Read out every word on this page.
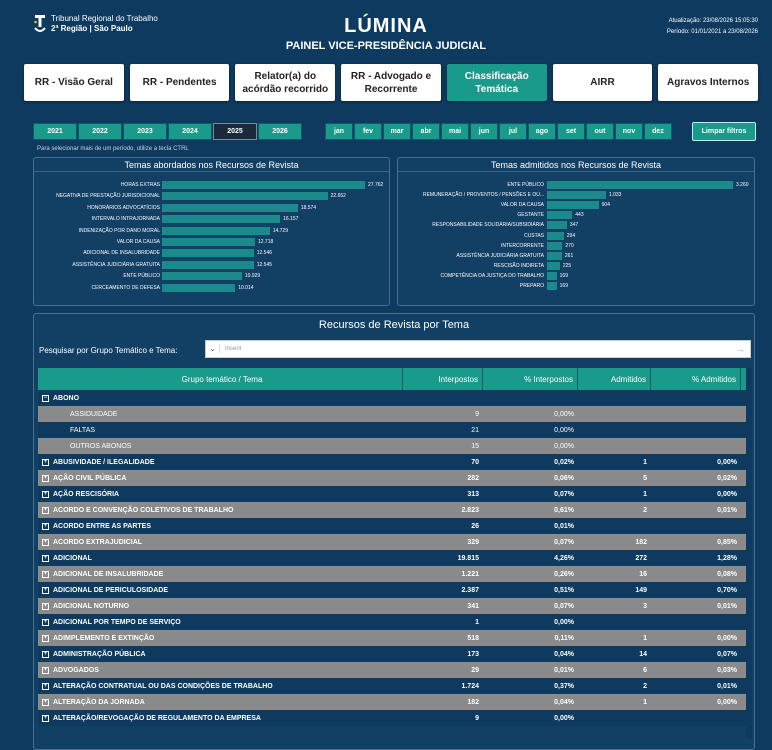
Tribunal Regional do Trabalho
2ª Região | São Paulo	LÚMINA
PAINEL VICE-PRESIDÊNCIA JUDICIAL
Atualização: 23/08/2026 15:05:30
Período: 01/01/2021 a 23/08/2026
RR - Visão Geral	RR - Pendentes
Relator(a) do acórdão recorrido
RR - Advogado e Recorrente
Classificação Temática
AIRR	Agravos Internos
2021	2022	2023	2024	2025	2026	jan	fev	mar	abr	mai	jun	jul	ago	set	out	nov	dez	Limpar filtros
Para selecionar mais de um período, utilize a tecla CTRL
Temas abordados nos Recursos de Revista
HORAS EXTRAS	27.762
NEGATIVA DE PRESTAÇÃO JURISDICIONAL	22.652
HONORÁRIOS ADVOCATÍCIOS	18.574
INTERVALO INTRAJORNADA	16.157
INDENIZAÇÃO POR DANO MORAL	14.729
VALOR DA CAUSA	12.718
ADICIONAL DE INSALUBRIDADE	12.546
ASSISTÊNCIA JUDICIÁRIA GRATUITA	12.545
ENTE PÚBLICO	10.929
CERCEAMENTO DE DEFESA	10.014
Temas admitidos nos Recursos de Revista
ENTE PÚBLICO	3.260
REMUNERAÇÃO / PROVENTOS / PENSÕES E OU...	1.033
VALOR DA CAUSA	904
GESTANTE	443
RESPONSABILIDADE SOLIDÁRIA/SUBSIDIÁRIA	347
CUSTAS	294
INTERCORRENTE	270
ASSISTÊNCIA JUDICIÁRIA GRATUITA	261
RESCISÃO INDIRETA	225
COMPETÊNCIA DA JUSTIÇA DO TRABALHO	169
PREPARO	169
Recursos de Revista por Tema
Pesquisar por Grupo Temático e Tema:	⌄	Inserir	→
Grupo temático / Tema	Interpostos	% Interpostos	Admitidos	% Admitidos
− ABONO
ASSIDUIDADE	9	0,00%
FALTAS	21	0,00%
OUTROS ABONOS	15	0,00%
+ ABUSIVIDADE / ILEGALIDADE	70	0,02%	1	0,00%
+ AÇÃO CIVIL PÚBLICA	282	0,06%	5	0,02%
+ AÇÃO RESCISÓRIA	313	0,07%	1	0,00%
+ ACORDO E CONVENÇÃO COLETIVOS DE TRABALHO	2.823	0,61%	2	0,01%
+ ACORDO ENTRE AS PARTES	26	0,01%
+ ACORDO EXTRAJUDICIAL	329	0,07%	182	0,85%
+ ADICIONAL	19.815	4,26%	272	1,28%
+ ADICIONAL DE INSALUBRIDADE	1.221	0,26%	16	0,08%
+ ADICIONAL DE PERICULOSIDADE	2.387	0,51%	149	0,70%
+ ADICIONAL NOTURNO	341	0,07%	3	0,01%
+ ADICIONAL POR TEMPO DE SERVIÇO	1	0,00%
+ ADIMPLEMENTO E EXTINÇÃO	518	0,11%	1	0,00%
+ ADMINISTRAÇÃO PÚBLICA	173	0,04%	14	0,07%
+ ADVOGADOS	29	0,01%	6	0,03%
+ ALTERAÇÃO CONTRATUAL OU DAS CONDIÇÕES DE TRABALHO	1.724	0,37%	2	0,01%
+ ALTERAÇÃO DA JORNADA	182	0,04%	1	0,00%
+ ALTERAÇÃO/REVOGAÇÃO DE REGULAMENTO DA EMPRESA	9	0,00%
